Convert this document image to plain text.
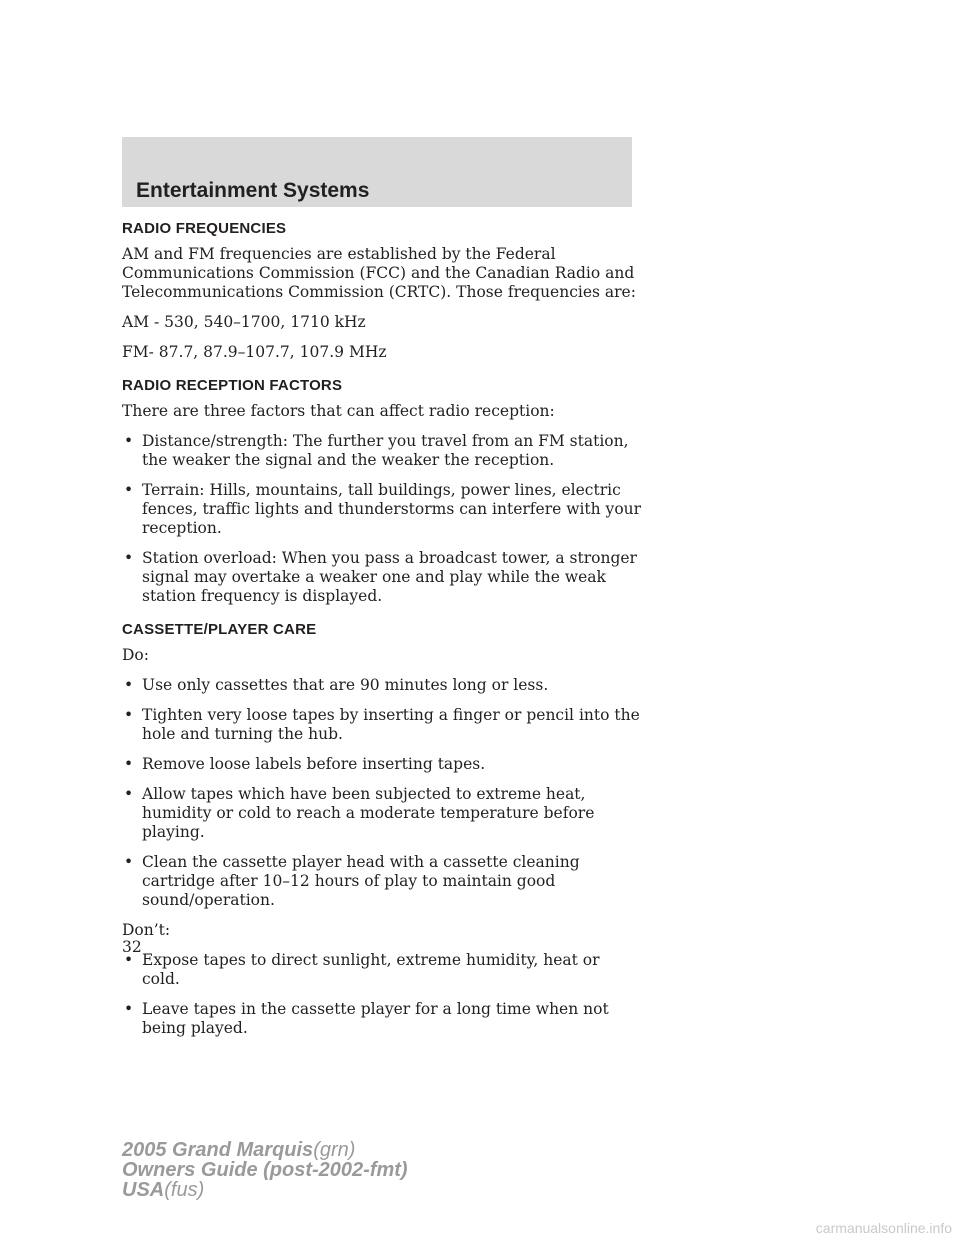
Entertainment Systems
RADIO FREQUENCIES

AM and FM frequencies are established by the Federal Communications Commission (FCC) and the Canadian Radio and Telecommunications Commission (CRTC). Those frequencies are:

AM - 530, 540–1700, 1710 kHz

FM- 87.7, 87.9–107.7, 107.9 MHz

RADIO RECEPTION FACTORS

There are three factors that can affect radio reception:

• Distance/strength: The further you travel from an FM station, the weaker the signal and the weaker the reception.
• Terrain: Hills, mountains, tall buildings, power lines, electric fences, traffic lights and thunderstorms can interfere with your reception.
• Station overload: When you pass a broadcast tower, a stronger signal may overtake a weaker one and play while the weak station frequency is displayed.
CASSETTE/PLAYER CARE

Do:

• Use only cassettes that are 90 minutes long or less.
• Tighten very loose tapes by inserting a finger or pencil into the hole and turning the hub.
• Remove loose labels before inserting tapes.
• Allow tapes which have been subjected to extreme heat, humidity or cold to reach a moderate temperature before playing.
• Clean the cassette player head with a cassette cleaning cartridge after 10–12 hours of play to maintain good sound/operation.

Don’t:

• Expose tapes to direct sunlight, extreme humidity, heat or cold.
• Leave tapes in the cassette player for a long time when not being played.
32
2005 Grand Marquis(grn)
Owners Guide (post-2002-fmt)
USA(fus)
carmanualsonline.info
